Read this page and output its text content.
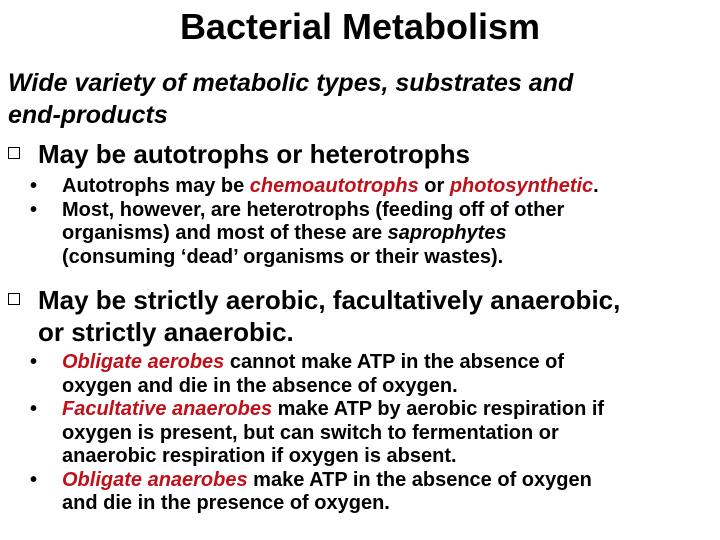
Bacterial Metabolism
Wide variety of metabolic types, substrates and
end-products
May be autotrophs or heterotrophs
• Autotrophs may be chemoautotrophs or photosynthetic.
• Most, however, are heterotrophs (feeding off of other
organisms) and most of these are saprophytes
(consuming ‘dead’ organisms or their wastes).
May be strictly aerobic, facultatively anaerobic,
or strictly anaerobic.
• Obligate aerobes cannot make ATP in the absence of
oxygen and die in the absence of oxygen.
• Facultative anaerobes make ATP by aerobic respiration if
oxygen is present, but can switch to fermentation or
anaerobic respiration if oxygen is absent.
• Obligate anaerobes make ATP in the absence of oxygen
and die in the presence of oxygen.
